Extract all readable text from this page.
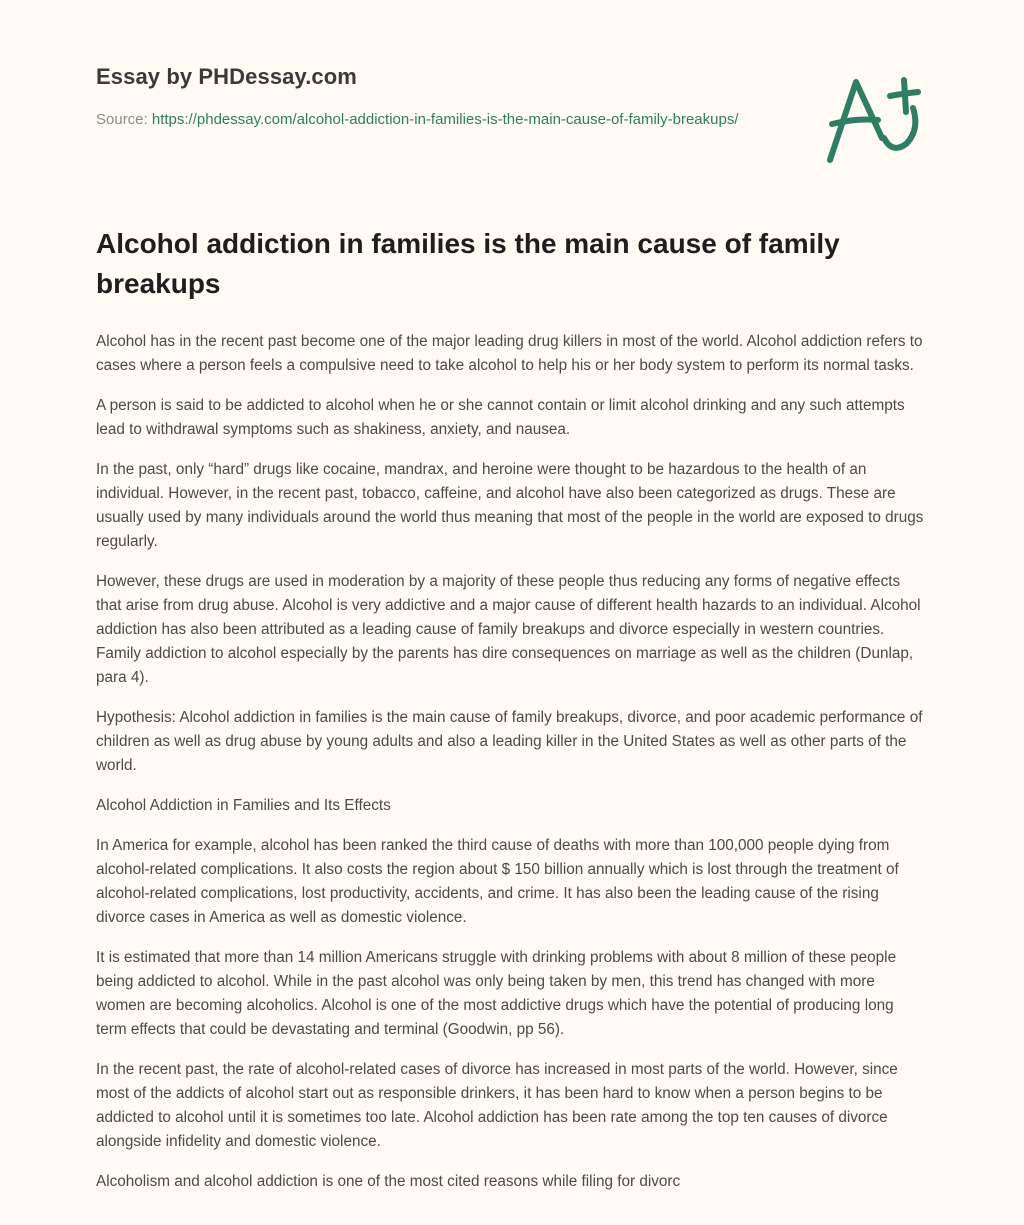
Essay by PHDessay.com
Source: https://phdessay.com/alcohol-addiction-in-families-is-the-main-cause-of-family-breakups/
Alcohol addiction in families is the main cause of family breakups

Alcohol has in the recent past become one of the major leading drug killers in most of the world. Alcohol addiction refers to cases where a person feels a compulsive need to take alcohol to help his or her body system to perform its normal tasks.

A person is said to be addicted to alcohol when he or she cannot contain or limit alcohol drinking and any such attempts lead to withdrawal symptoms such as shakiness, anxiety, and nausea.

In the past, only “hard” drugs like cocaine, mandrax, and heroine were thought to be hazardous to the health of an individual. However, in the recent past, tobacco, caffeine, and alcohol have also been categorized as drugs. These are usually used by many individuals around the world thus meaning that most of the people in the world are exposed to drugs regularly.

However, these drugs are used in moderation by a majority of these people thus reducing any forms of negative effects that arise from drug abuse. Alcohol is very addictive and a major cause of different health hazards to an individual. Alcohol addiction has also been attributed as a leading cause of family breakups and divorce especially in western countries. Family addiction to alcohol especially by the parents has dire consequences on marriage as well as the children (Dunlap, para 4).

Hypothesis: Alcohol addiction in families is the main cause of family breakups, divorce, and poor academic performance of children as well as drug abuse by young adults and also a leading killer in the United States as well as other parts of the world.

Alcohol Addiction in Families and Its Effects

In America for example, alcohol has been ranked the third cause of deaths with more than 100,000 people dying from alcohol-related complications. It also costs the region about $ 150 billion annually which is lost through the treatment of alcohol-related complications, lost productivity, accidents, and crime. It has also been the leading cause of the rising divorce cases in America as well as domestic violence.

It is estimated that more than 14 million Americans struggle with drinking problems with about 8 million of these people being addicted to alcohol. While in the past alcohol was only being taken by men, this trend has changed with more women are becoming alcoholics. Alcohol is one of the most addictive drugs which have the potential of producing long term effects that could be devastating and terminal (Goodwin, pp 56).

In the recent past, the rate of alcohol-related cases of divorce has increased in most parts of the world. However, since most of the addicts of alcohol start out as responsible drinkers, it has been hard to know when a person begins to be addicted to alcohol until it is sometimes too late. Alcohol addiction has been rate among the top ten causes of divorce alongside infidelity and domestic violence.

Alcoholism and alcohol addiction is one of the most cited reasons while filing for divorc
